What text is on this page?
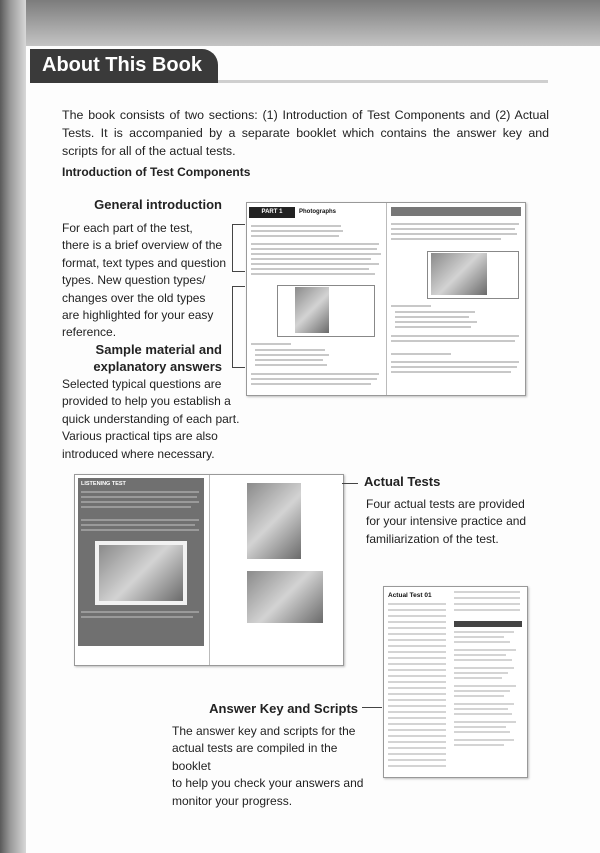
About This Book
The book consists of two sections: (1) Introduction of Test Components and (2) Actual Tests. It is accompanied by a separate booklet which contains the answer key and scripts for all of the actual tests.
Introduction of Test Components
General introduction
For each part of the test,
there is a brief overview of the
format, text types and question
types. New question types/
changes over the old types
are highlighted for your easy
reference.
Sample material and
explanatory answers
Selected typical questions are
provided to help you establish a
quick understanding of each part.
Various practical tips are also
introduced where necessary.
PART 1	Photographs
LISTENING TEST	Actual Tests
Four actual tests are provided
for your intensive practice and
familiarization of the test.
Actual Test 01
Answer Key and Scripts
The answer key and scripts for the
actual tests are compiled in the booklet
to help you check your answers and
monitor your progress.
